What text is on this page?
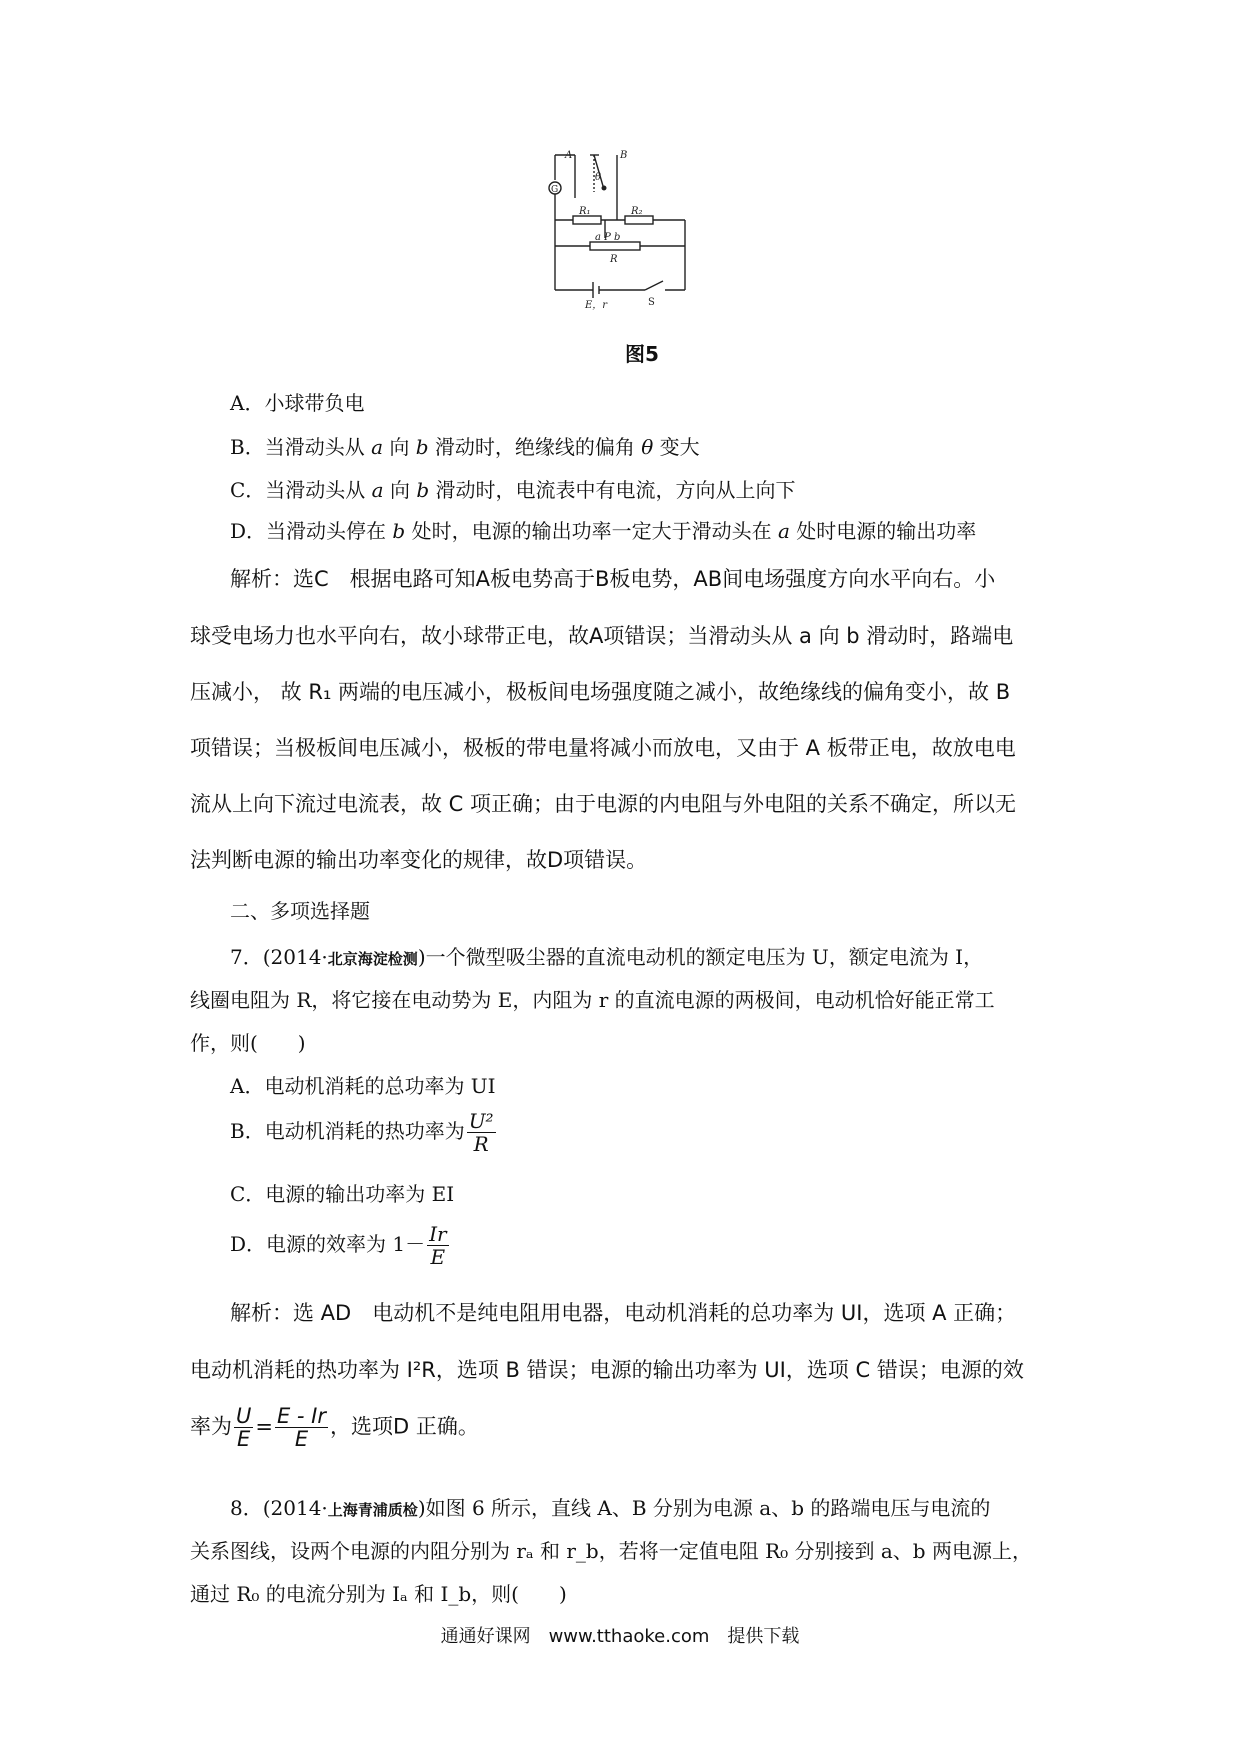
A	B
θ
G
R₁	R₂
a P b
R
E，r	S
图5
A．小球带负电
B．当滑动头从 a 向 b 滑动时，绝缘线的偏角 θ 变大
C．当滑动头从 a 向 b 滑动时，电流表中有电流，方向从上向下
D．当滑动头停在 b 处时，电源的输出功率一定大于滑动头在 a 处时电源的输出功率
解析：选C　根据电路可知A板电势高于B板电势，AB间电场强度方向水平向右。小
球受电场力也水平向右，故小球带正电，故A项错误；当滑动头从 a 向 b 滑动时，路端电
压减小， 故 R₁ 两端的电压减小，极板间电场强度随之减小，故绝缘线的偏角变小，故 B
项错误；当极板间电压减小，极板的带电量将减小而放电，又由于 A 板带正电，故放电电
流从上向下流过电流表，故 C 项正确；由于电源的内电阻与外电阻的关系不确定，所以无
法判断电源的输出功率变化的规律，故D项错误。
二、多项选择题
7．(2014·北京海淀检测)一个微型吸尘器的直流电动机的额定电压为 U，额定电流为 I，
线圈电阻为 R，将它接在电动势为 E，内阻为 r 的直流电源的两极间，电动机恰好能正常工
作，则(　　)
A．电动机消耗的总功率为 UI
B．电动机消耗的热功率为 $\frac{\text{U²}}{R}$
C．电源的输出功率为 EI
D．电源的效率为 $1- \frac{Ir}{E}$
解析：选 AD　电动机不是纯电阻用电器，电动机消耗的总功率为 UI，选项 A 正确；
电动机消耗的热功率为 I²R，选项 B 错误；电源的输出功率为 UI，选项 C 错误；电源的效
率为 $\frac{U}{E} = \frac{E - Ir}{E}$ ，选项D 正确。
8．(2014·上海青浦质检)如图 6 所示，直线 A、B 分别为电源 a、b 的路端电压与电流的
关系图线，设两个电源的内阻分别为 rₐ 和 r_b，若将一定值电阻 R₀ 分别接到 a、b 两电源上，
通过 R₀ 的电流分别为 Iₐ 和 I_b，则(　　)
通通好课网　www.tthaoke.com　提供下载
